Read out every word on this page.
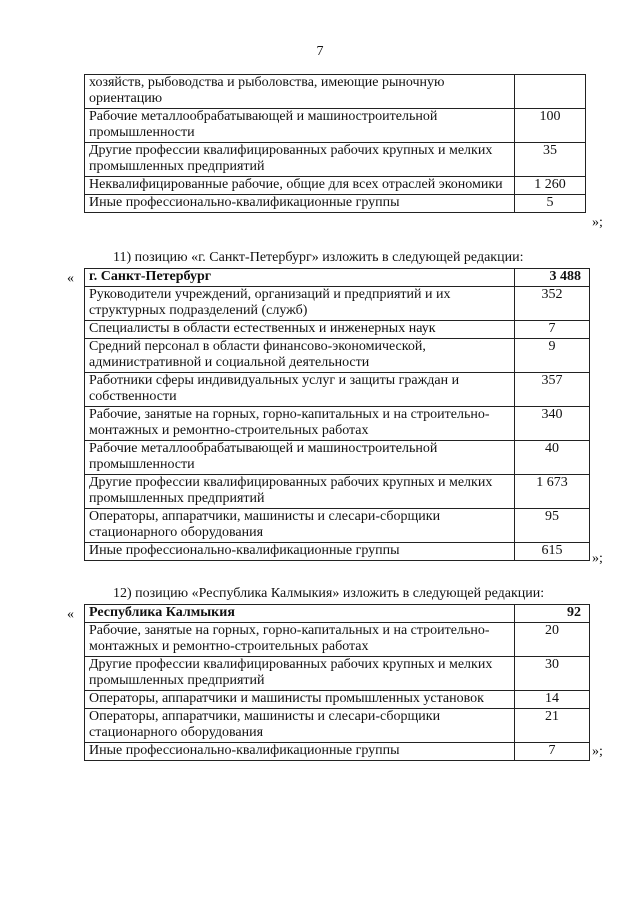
7
хозяйств, рыбоводства и рыболовства, имеющие рыночную ориентацию	
Рабочие металлообрабатывающей и машиностроительной промышленности	100
Другие профессии квалифицированных рабочих крупных и мелких промышленных предприятий	35
Неквалифицированные рабочие, общие для всех отраслей экономики	1 260
Иные профессионально-квалификационные группы	5
»;
11) позицию «г. Санкт-Петербург» изложить в следующей редакции:
« г. Санкт-Петербург	3 488
Руководители учреждений, организаций и предприятий и их структурных подразделений (служб)	352
Специалисты в области естественных и инженерных наук	7
Средний персонал в области финансово-экономической, административной и социальной деятельности	9
Работники сферы индивидуальных услуг и защиты граждан и собственности	357
Рабочие, занятые на горных, горно-капитальных и на строительно-монтажных и ремонтно-строительных работах	340
Рабочие металлообрабатывающей и машиностроительной промышленности	40
Другие профессии квалифицированных рабочих крупных и мелких промышленных предприятий	1 673
Операторы, аппаратчики, машинисты и слесари-сборщики стационарного оборудования	95
Иные профессионально-квалификационные группы	615
»;
12) позицию «Республика Калмыкия» изложить в следующей редакции:
« Республика Калмыкия	92
Рабочие, занятые на горных, горно-капитальных и на строительно-монтажных и ремонтно-строительных работах	20
Другие профессии квалифицированных рабочих крупных и мелких промышленных предприятий	30
Операторы, аппаратчики и машинисты промышленных установок	14
Операторы, аппаратчики, машинисты и слесари-сборщики стационарного оборудования	21
Иные профессионально-квалификационные группы	7	»;
